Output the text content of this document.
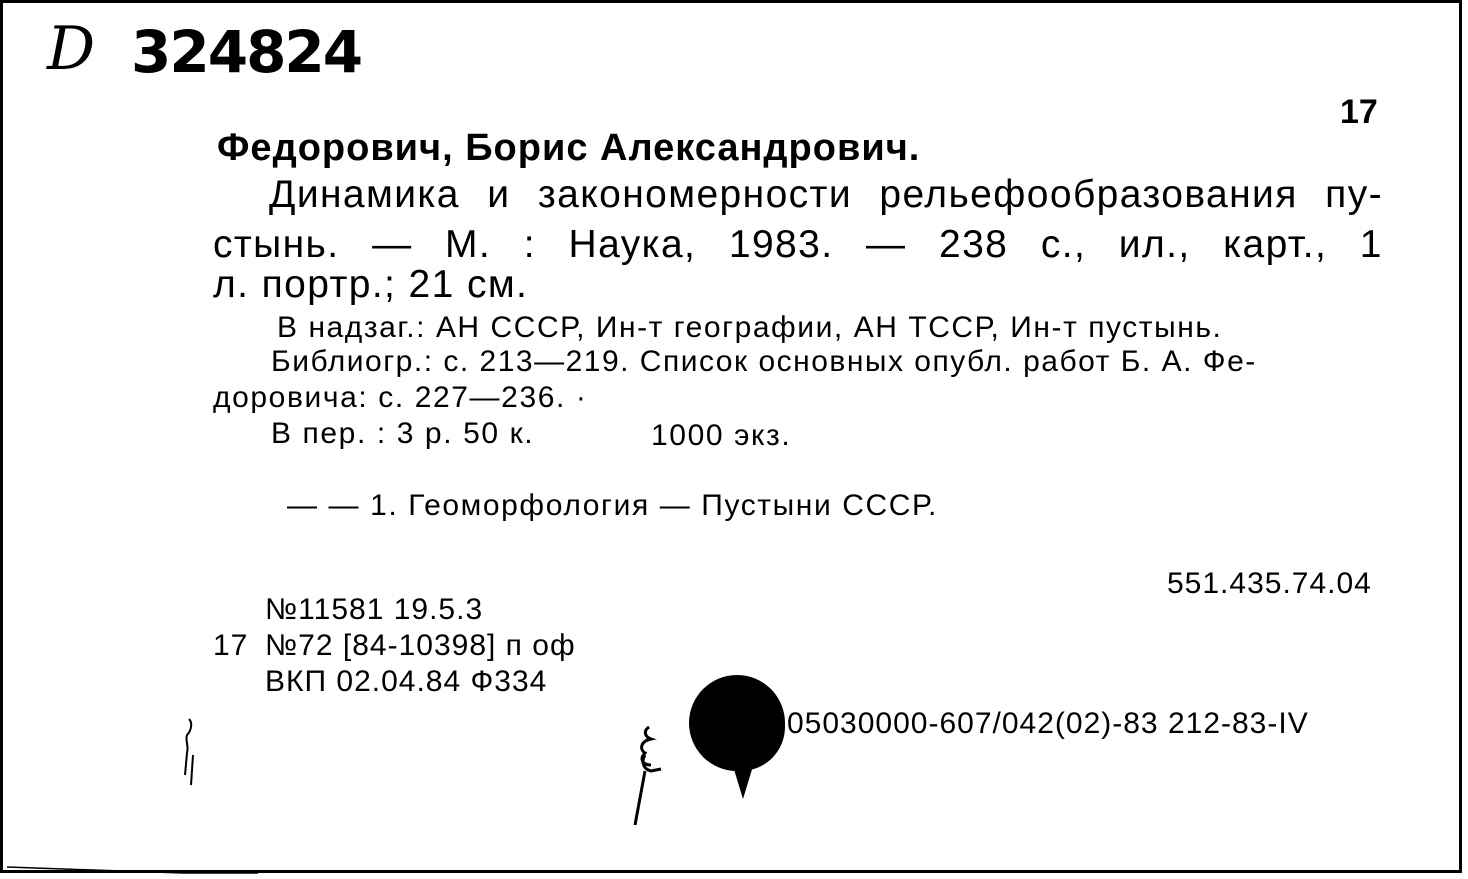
D 324824
17
Федорович, Борис Александрович.
Динамика и закономерности рельефообразования пу-
стынь. — М. : Наука, 1983. — 238 с., ил., карт., 1
л. портр.; 21 см.
В надзаг.: АН СССР, Ин-т географии, АН ТССР, Ин-т пустынь.
Библиогр.: с. 213—219. Список основных опубл. работ Б. А. Фе-
доровича: с. 227—236. ·
В пер. : 3 р. 50 к.	1000 экз.
— — 1. Геоморфология — Пустыни СССР.
551.435.74.04
№11581 19.5.3
17 №72 [84-10398] п оф
ВКП 02.04.84 Ф334
05030000-607/042(02)-83 212-83-IV
